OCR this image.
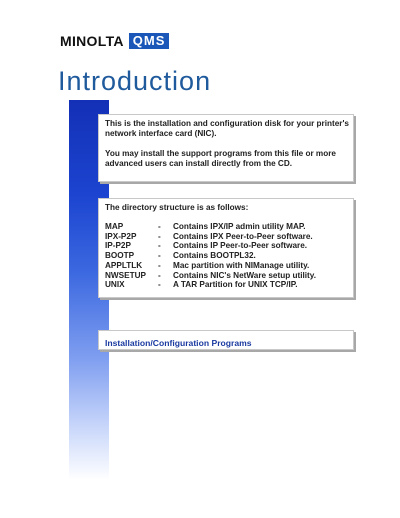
MINOLTA QMS
Introduction

This is the installation and configuration disk for your printer's network interface card (NIC).

You may install the support programs from this file or more advanced users can install directly from the CD.

The directory structure is as follows:

MAP	-	Contains IPX/IP admin utility MAP.
IPX-P2P	-	Contains IPX Peer-to-Peer software.
IP-P2P	-	Contains IP Peer-to-Peer software.
BOOTP	-	Contains BOOTPL32.
APPLTLK	-	Mac partition with NIManage utility.
NWSETUP	-	Contains NIC's NetWare setup utility.
UNIX	-	A TAR Partition for UNIX TCP/IP.
Installation/Configuration Programs
